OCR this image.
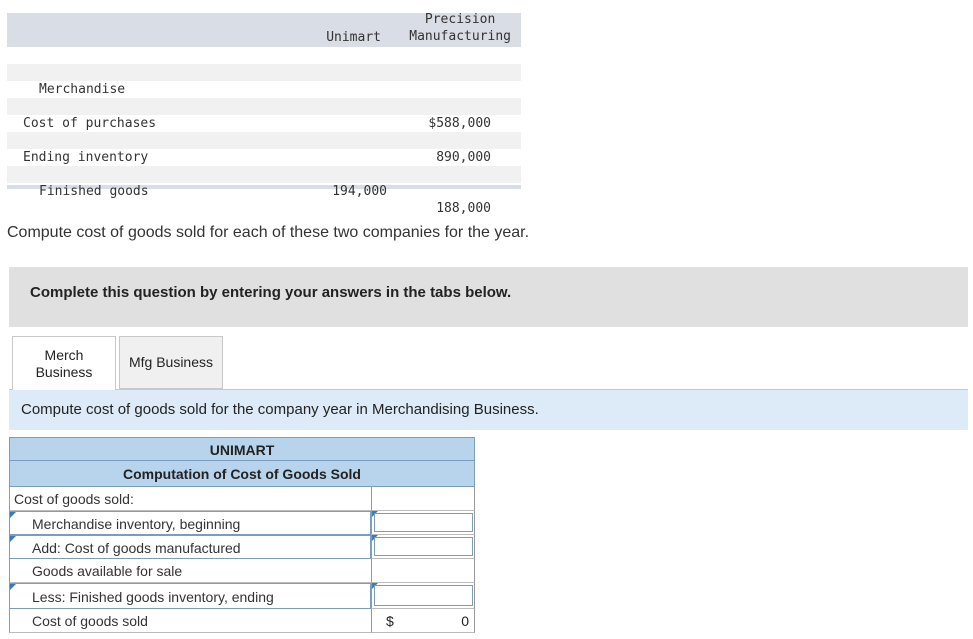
Unimart
Precision
Manufacturing

Merchandise

$588,000

Cost of purchases

890,000

Ending inventory

194,000

Finished goods

188,000

Compute cost of goods sold for each of these two companies for the year.
Complete this question by entering your answers in the tabs below.
Merch
Business
Mfg Business
Compute cost of goods sold for the company year in Merchandising Business.
UNIMART
Computation of Cost of Goods Sold
Cost of goods sold:
Merchandise inventory, beginning
Add: Cost of goods manufactured
Goods available for sale
Less: Finished goods inventory, ending
Cost of goods sold	$	0
